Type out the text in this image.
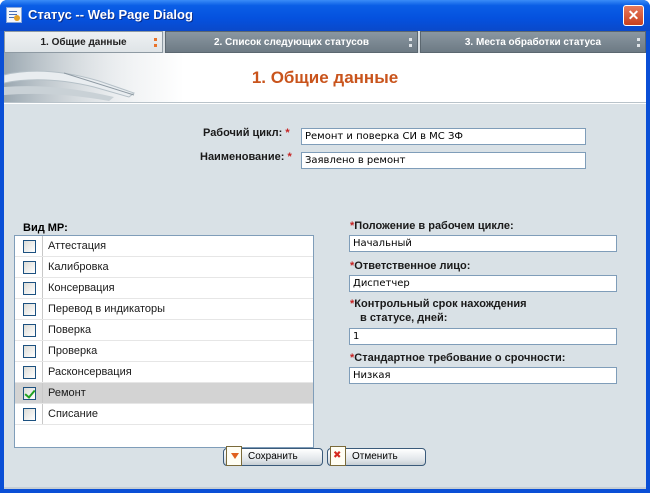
Статус -- Web Page Dialog	✕
1. Общие данные	2. Список следующих статусов	3. Места обработки статуса
1. Общие данные
Рабочий цикл: *	Ремонт и поверка СИ в МС ЗФ
Наименование: *	Заявлено в ремонт
Вид МР:
Аттестация
Калибровка
Консервация
Перевод в индикаторы
Поверка
Проверка
Расконсервация
Ремонт
Списание
*Положение в рабочем цикле:
Начальный
*Ответственное лицо:
Диспетчер
*Контрольный срок нахождения
в статусе, дней:
1
*Стандартное требование о срочности:
Низкая
Сохранить
✖	Отменить
